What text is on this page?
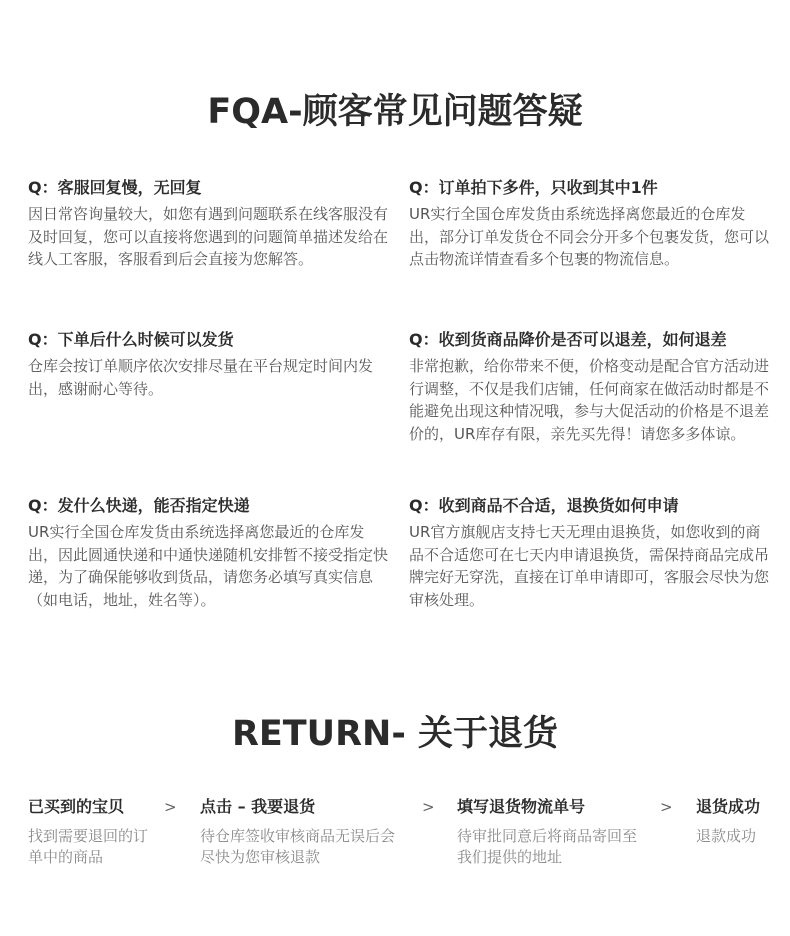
FQA-顾客常见问题答疑
Q：客服回复慢，无回复
因日常咨询量较大，如您有遇到问题联系在线客服没有及时回复，您可以直接将您遇到的问题简单描述发给在线人工客服，客服看到后会直接为您解答。
Q：订单拍下多件，只收到其中1件
UR实行全国仓库发货由系统选择离您最近的仓库发出，部分订单发货仓不同会分开多个包裹发货，您可以点击物流详情查看多个包裹的物流信息。
Q：下单后什么时候可以发货
仓库会按订单顺序依次安排尽量在平台规定时间内发出，感谢耐心等待。
Q：收到货商品降价是否可以退差，如何退差
非常抱歉，给你带来不便，价格变动是配合官方活动进行调整，不仅是我们店铺，任何商家在做活动时都是不能避免出现这种情况哦，参与大促活动的价格是不退差价的，UR库存有限，亲先买先得！请您多多体谅。
Q：发什么快递，能否指定快递
UR实行全国仓库发货由系统选择离您最近的仓库发出，因此圆通快递和中通快递随机安排暂不接受指定快递，为了确保能够收到货品，请您务必填写真实信息（如电话，地址，姓名等）。
Q：收到商品不合适，退换货如何申请
UR官方旗舰店支持七天无理由退换货，如您收到的商品不合适您可在七天内申请退换货，需保持商品完成吊牌完好无穿洗，直接在订单申请即可，客服会尽快为您审核处理。
RETURN- 关于退货
已买到的宝贝
找到需要退回的订单中的商品
> 点击 – 我要退货
待仓库签收审核商品无误后会尽快为您审核退款
> 填写退货物流单号
待审批同意后将商品寄回至我们提供的地址
> 退货成功
退款成功
